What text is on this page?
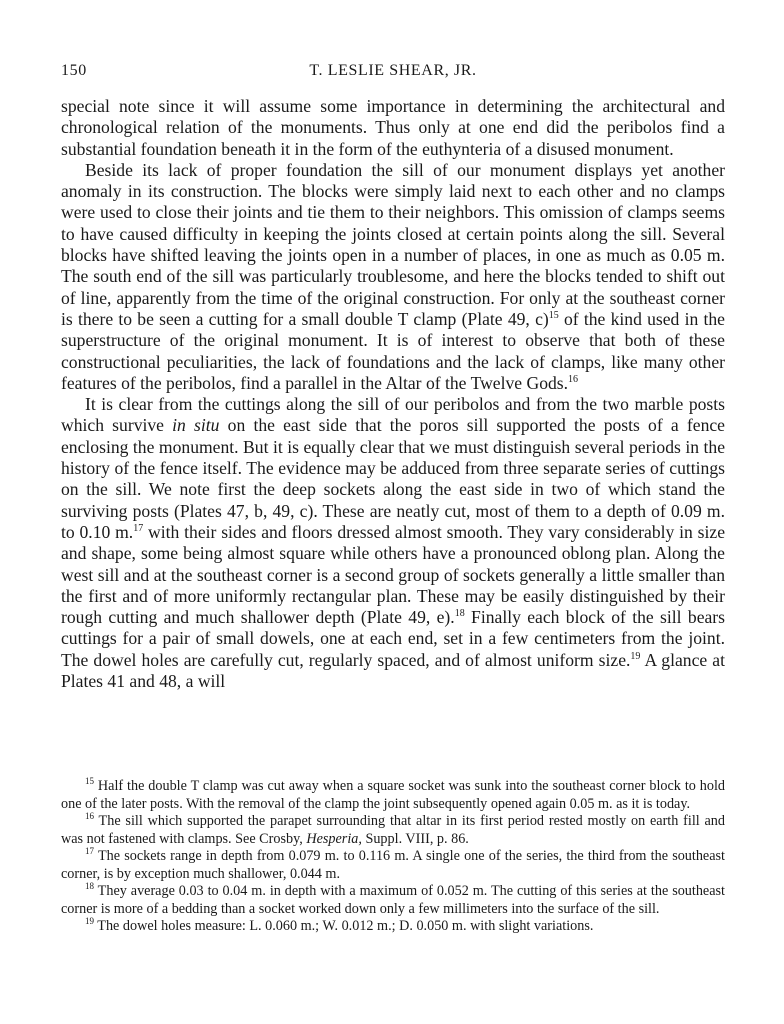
150	T. LESLIE SHEAR, JR.

special note since it will assume some importance in determining the architectural and chronological relation of the monuments. Thus only at one end did the peribolos find a substantial foundation beneath it in the form of the euthynteria of a disused monument.

Beside its lack of proper foundation the sill of our monument displays yet another anomaly in its construction. The blocks were simply laid next to each other and no clamps were used to close their joints and tie them to their neighbors. This omission of clamps seems to have caused difficulty in keeping the joints closed at certain points along the sill. Several blocks have shifted leaving the joints open in a number of places, in one as much as 0.05 m. The south end of the sill was particularly troublesome, and here the blocks tended to shift out of line, apparently from the time of the original construction. For only at the southeast corner is there to be seen a cutting for a small double T clamp (Plate 49, c)$^{15}$ of the kind used in the superstructure of the original monument. It is of interest to observe that both of these constructional peculiarities, the lack of foundations and the lack of clamps, like many other features of the peribolos, find a parallel in the Altar of the Twelve Gods.$^{16}$

It is clear from the cuttings along the sill of our peribolos and from the two marble posts which survive in situ on the east side that the poros sill supported the posts of a fence enclosing the monument. But it is equally clear that we must distinguish several periods in the history of the fence itself. The evidence may be adduced from three separate series of cuttings on the sill. We note first the deep sockets along the east side in two of which stand the surviving posts (Plates 47, b, 49, c). These are neatly cut, most of them to a depth of 0.09 m. to 0.10 m.$^{17}$ with their sides and floors dressed almost smooth. They vary considerably in size and shape, some being almost square while others have a pronounced oblong plan. Along the west sill and at the southeast corner is a second group of sockets generally a little smaller than the first and of more uniformly rectangular plan. These may be easily distinguished by their rough cutting and much shallower depth (Plate 49, e).$^{18}$ Finally each block of the sill bears cuttings for a pair of small dowels, one at each end, set in a few centimeters from the joint. The dowel holes are carefully cut, regularly spaced, and of almost uniform size.$^{19}$ A glance at Plates 41 and 48, a will

$^{15}$ Half the double T clamp was cut away when a square socket was sunk into the southeast corner block to hold one of the later posts. With the removal of the clamp the joint subsequently opened again 0.05 m. as it is today.

$^{16}$ The sill which supported the parapet surrounding that altar in its first period rested mostly on earth fill and was not fastened with clamps. See Crosby, Hesperia, Suppl. VIII, p. 86.

$^{17}$ The sockets range in depth from 0.079 m. to 0.116 m. A single one of the series, the third from the southeast corner, is by exception much shallower, 0.044 m.

$^{18}$ They average 0.03 to 0.04 m. in depth with a maximum of 0.052 m. The cutting of this series at the southeast corner is more of a bedding than a socket worked down only a few millimeters into the surface of the sill.

$^{19}$ The dowel holes measure: L. 0.060 m.; W. 0.012 m.; D. 0.050 m. with slight variations.
